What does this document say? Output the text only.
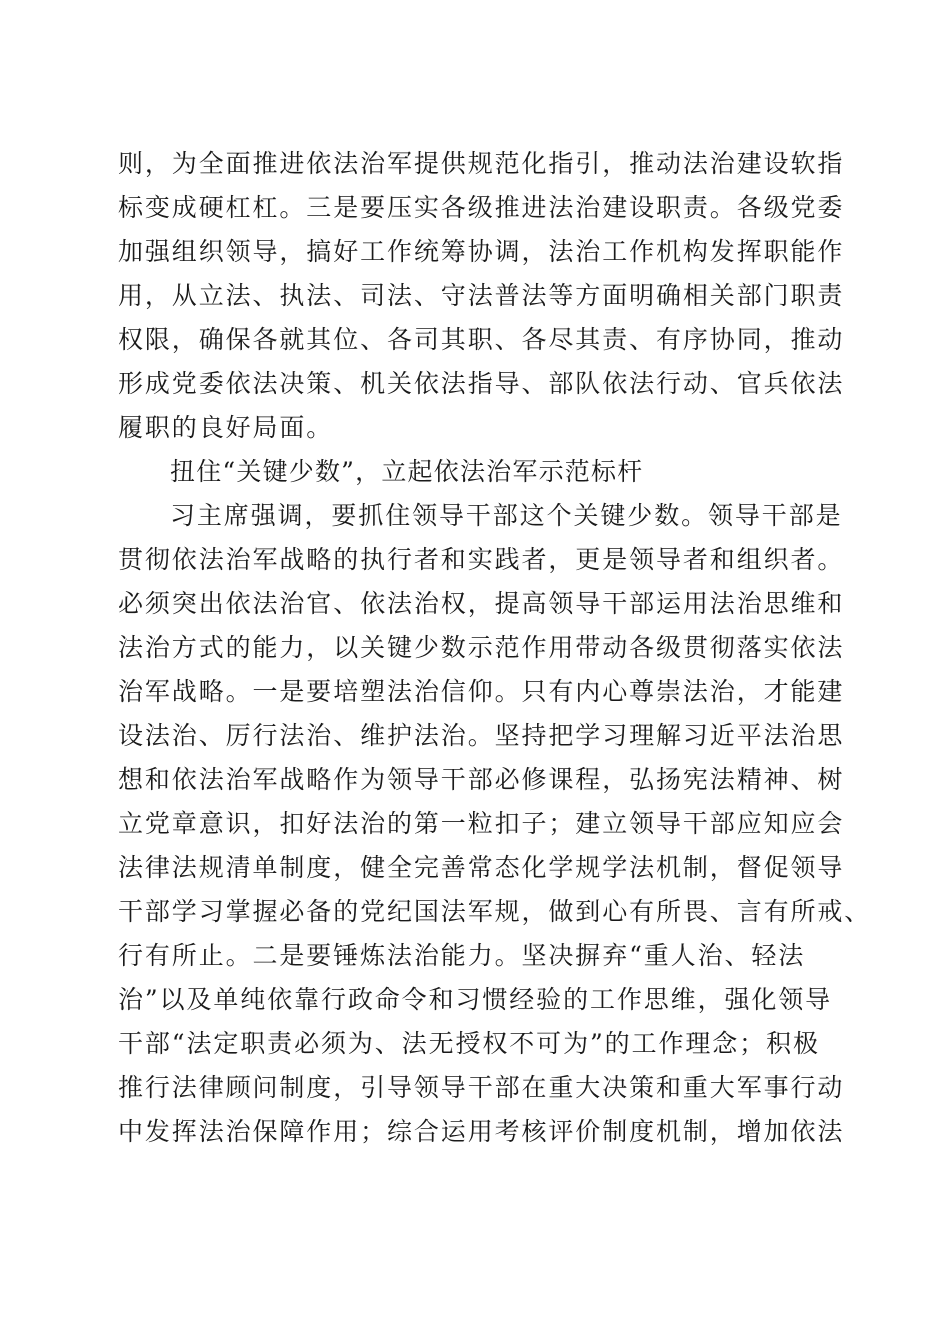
则，为全面推进依法治军提供规范化指引，推动法治建设软指
标变成硬杠杠。三是要压实各级推进法治建设职责。各级党委
加强组织领导，搞好工作统筹协调，法治工作机构发挥职能作
用，从立法、执法、司法、守法普法等方面明确相关部门职责
权限，确保各就其位、各司其职、各尽其责、有序协同，推动
形成党委依法决策、机关依法指导、部队依法行动、官兵依法
履职的良好局面。
扭住“关键少数”，立起依法治军示范标杆
习主席强调，要抓住领导干部这个关键少数。领导干部是
贯彻依法治军战略的执行者和实践者，更是领导者和组织者。
必须突出依法治官、依法治权，提高领导干部运用法治思维和
法治方式的能力，以关键少数示范作用带动各级贯彻落实依法
治军战略。一是要培塑法治信仰。只有内心尊崇法治，才能建
设法治、厉行法治、维护法治。坚持把学习理解习近平法治思
想和依法治军战略作为领导干部必修课程，弘扬宪法精神、树
立党章意识，扣好法治的第一粒扣子；建立领导干部应知应会
法律法规清单制度，健全完善常态化学规学法机制，督促领导
干部学习掌握必备的党纪国法军规，做到心有所畏、言有所戒、
行有所止。二是要锤炼法治能力。坚决摒弃“重人治、轻法
治”以及单纯依靠行政命令和习惯经验的工作思维，强化领导
干部“法定职责必须为、法无授权不可为”的工作理念；积极
推行法律顾问制度，引导领导干部在重大决策和重大军事行动
中发挥法治保障作用；综合运用考核评价制度机制，增加依法
